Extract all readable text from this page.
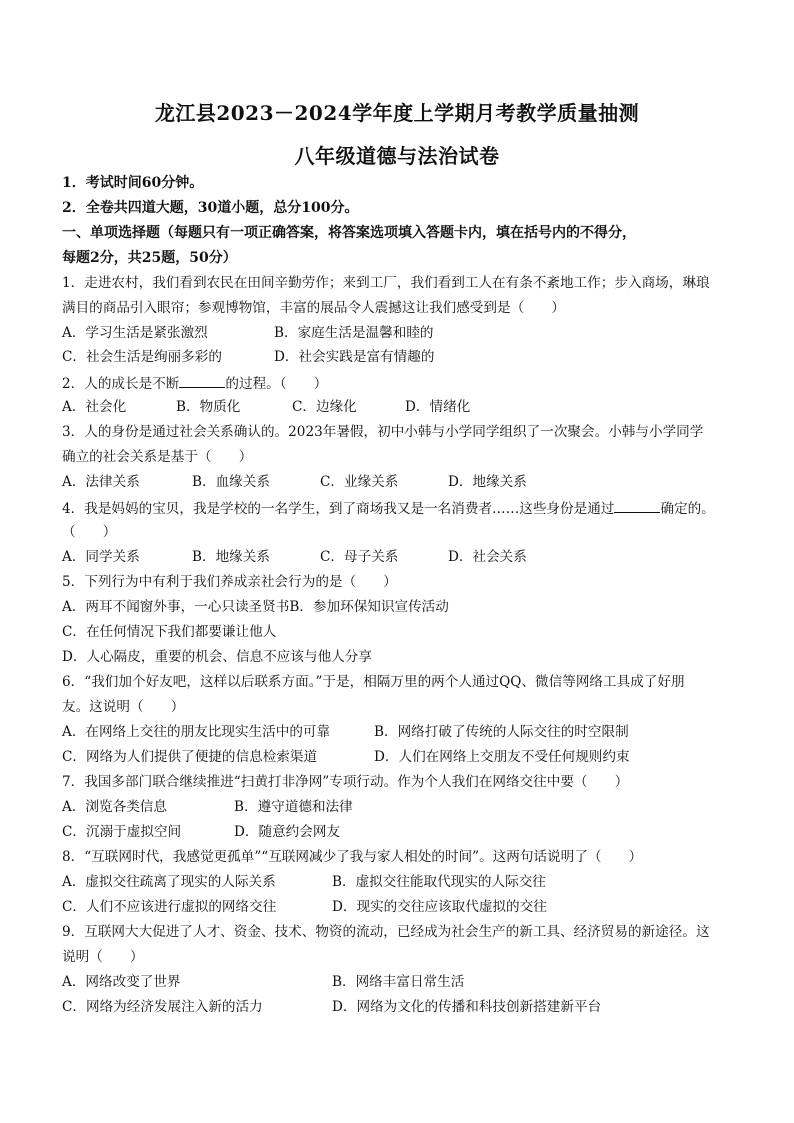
龙江县2023－2024学年度上学期月考教学质量抽测
八年级道德与法治试卷
1．考试时间60分钟。
2．全卷共四道大题，30道小题，总分100分。
一、单项选择题（每题只有一项正确答案，将答案选项填入答题卡内，填在括号内的不得分，
每题2分，共25题，50分）
1．走进农村，我们看到农民在田间辛勤劳作；来到工厂，我们看到工人在有条不紊地工作；步入商场，琳琅
满目的商品引入眼帘；参观博物馆，丰富的展品令人震撼这让我们感受到是（　　）
A．学习生活是紧张激烈	B．家庭生活是温馨和睦的
C．社会生活是绚丽多彩的	D．社会实践是富有情趣的
2．人的成长是不断	的过程。（　　）
A．社会化	B．物质化	C．边缘化	D．情绪化
3．人的身份是通过社会关系确认的。2023年暑假，初中小韩与小学同学组织了一次聚会。小韩与小学同学
确立的社会关系是基于（　　）
A．法律关系	B．血缘关系	C．业缘关系	D．地缘关系
4．我是妈妈的宝贝，我是学校的一名学生，到了商场我又是一名消费者……这些身份是通过	确定的。
（　　）
A．同学关系	B．地缘关系	C．母子关系	D．社会关系
5．下列行为中有利于我们养成亲社会行为的是（　　）
A．两耳不闻窗外事，一心只读圣贤书B．参加环保知识宣传活动
C．在任何情况下我们都要谦让他人
D．人心隔皮，重要的机会、信息不应该与他人分享
6．“我们加个好友吧，这样以后联系方面。”于是，相隔万里的两个人通过QQ、微信等网络工具成了好朋
友。这说明（　　）
A．在网络上交往的朋友比现实生活中的可靠	B．网络打破了传统的人际交往的时空限制
C．网络为人们提供了便捷的信息检索渠道	D．人们在网络上交朋友不受任何规则约束
7．我国多部门联合继续推进“扫黄打非净网”专项行动。作为个人我们在网络交往中要（　　）
A．浏览各类信息	B．遵守道德和法律
C．沉溺于虚拟空间	D．随意约会网友
8．“互联网时代，我感觉更孤单”“互联网减少了我与家人相处的时间”。这两句话说明了（　　）
A．虚拟交往疏离了现实的人际关系	B．虚拟交往能取代现实的人际交往
C．人们不应该进行虚拟的网络交往	D．现实的交往应该取代虚拟的交往
9．互联网大大促进了人才、资金、技术、物资的流动，已经成为社会生产的新工具、经济贸易的新途径。这
说明（　　）
A．网络改变了世界	B．网络丰富日常生活
C．网络为经济发展注入新的活力	D．网络为文化的传播和科技创新搭建新平台
